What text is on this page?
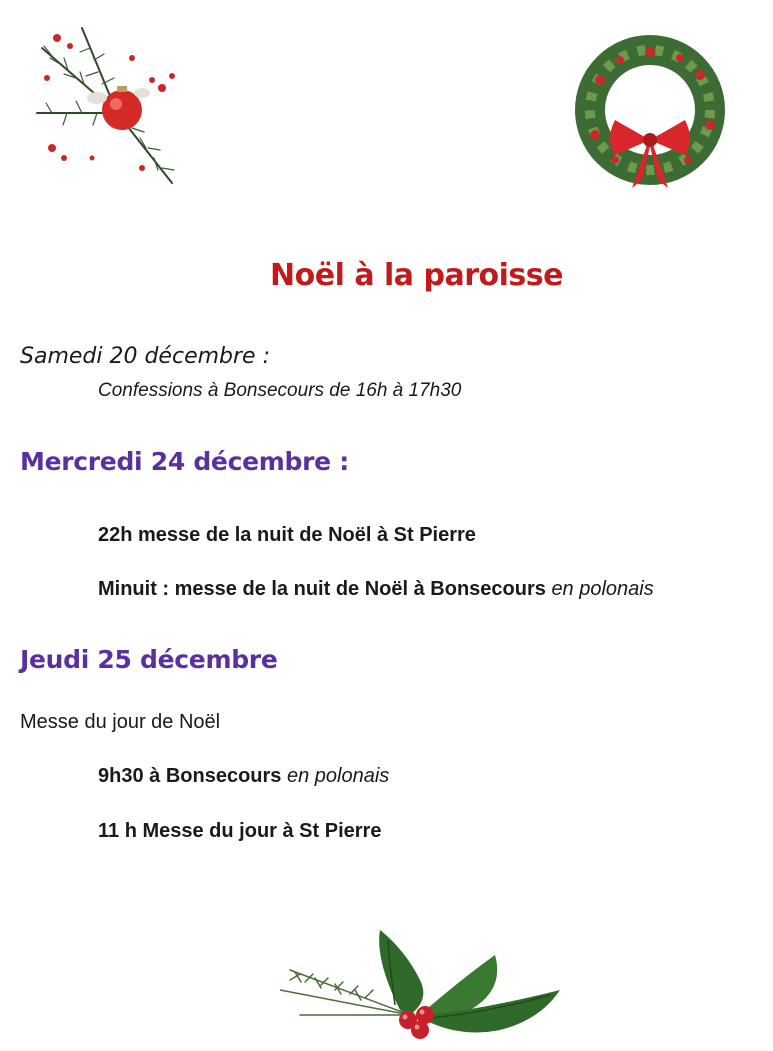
Noël à la paroisse

Samedi 20 décembre :

Confessions à Bonsecours de 16h à 17h30

Mercredi 24 décembre :

22h messe de la nuit de Noël à St Pierre

Minuit : messe de la nuit de Noël à Bonsecours en polonais

Jeudi 25 décembre

Messe du jour de Noël

9h30 à Bonsecours en polonais

11 h Messe du jour à St Pierre
